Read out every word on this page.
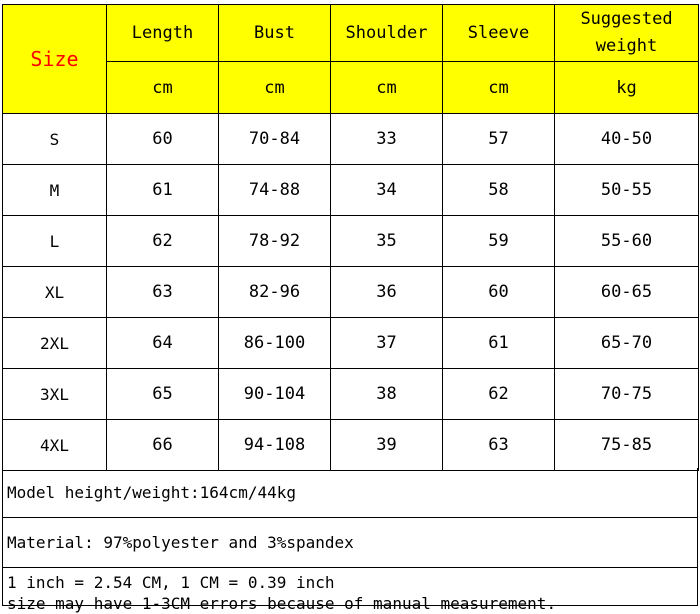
Size	Length	Bust	Shoulder	Sleeve	Suggested
weight

	cm	cm	cm	cm	kg
S	60	70-84	33	57	40-50
M	61	74-88	34	58	50-55
L	62	78-92	35	59	55-60
XL	63	82-96	36	60	60-65
2XL	64	86-100	37	61	65-70
3XL	65	90-104	38	62	70-75
4XL	66	94-108	39	63	75-85
Model height/weight:164cm/44kg
Material: 97%polyester and 3%spandex
1 inch = 2.54 CM, 1 CM = 0.39 inch
size may have 1-3CM errors because of manual measurement.
